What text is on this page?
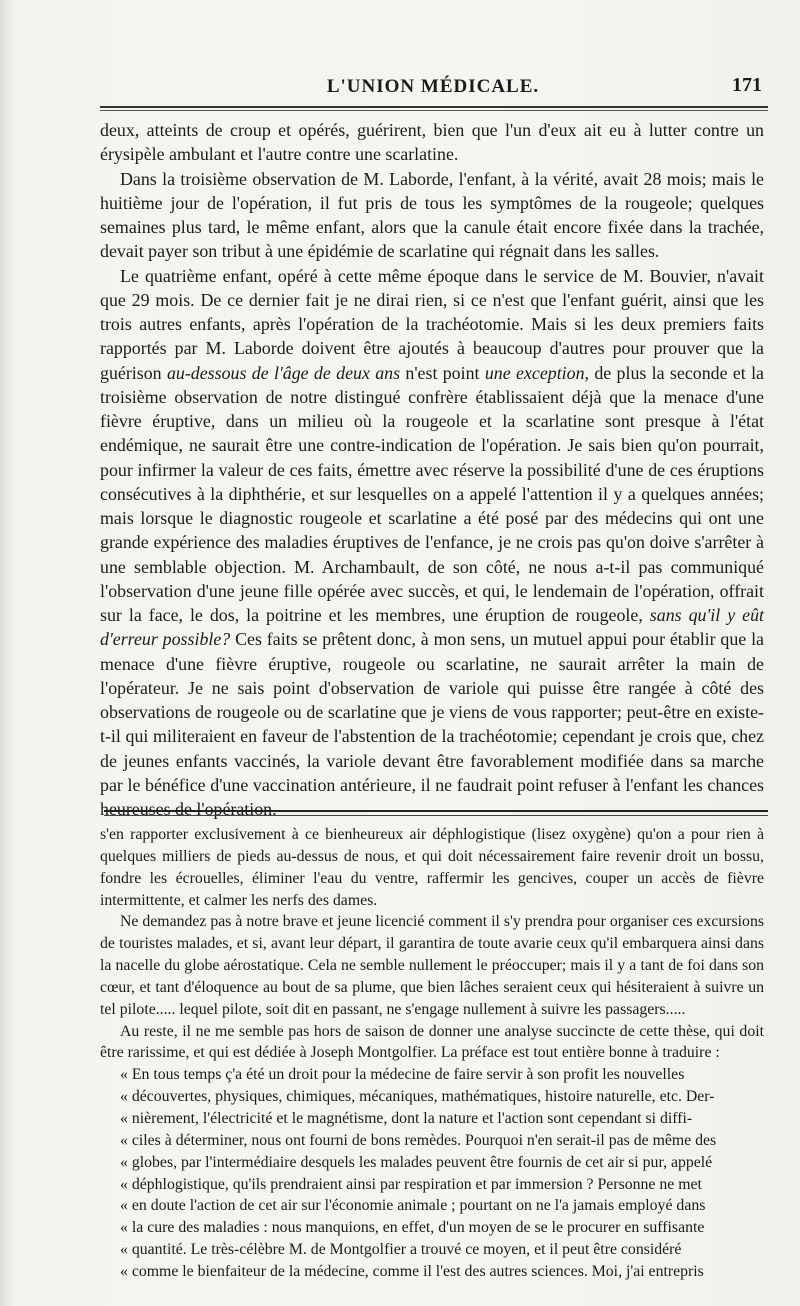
L'UNION MÉDICALE.	171

deux, atteints de croup et opérés, guérirent, bien que l'un d'eux ait eu à lutter contre un érysipèle ambulant et l'autre contre une scarlatine.

Dans la troisième observation de M. Laborde, l'enfant, à la vérité, avait 28 mois; mais le huitième jour de l'opération, il fut pris de tous les symptômes de la rougeole; quelques semaines plus tard, le même enfant, alors que la canule était encore fixée dans la trachée, devait payer son tribut à une épidémie de scarlatine qui régnait dans les salles.

Le quatrième enfant, opéré à cette même époque dans le service de M. Bouvier, n'avait que 29 mois. De ce dernier fait je ne dirai rien, si ce n'est que l'enfant guérit, ainsi que les trois autres enfants, après l'opération de la trachéotomie. Mais si les deux premiers faits rapportés par M. Laborde doivent être ajoutés à beaucoup d'autres pour prouver que la guérison au-dessous de l'âge de deux ans n'est point une exception, de plus la seconde et la troisième observation de notre distingué confrère établissaient déjà que la menace d'une fièvre éruptive, dans un milieu où la rougeole et la scarlatine sont presque à l'état endémique, ne saurait être une contre-indication de l'opération. Je sais bien qu'on pourrait, pour infirmer la valeur de ces faits, émettre avec réserve la possibilité d'une de ces éruptions consécutives à la diphthérie, et sur lesquelles on a appelé l'attention il y a quelques années; mais lorsque le diagnostic rougeole et scarlatine a été posé par des médecins qui ont une grande expérience des maladies éruptives de l'enfance, je ne crois pas qu'on doive s'arrêter à une semblable objection. M. Archambault, de son côté, ne nous a-t-il pas communiqué l'observation d'une jeune fille opérée avec succès, et qui, le lendemain de l'opération, offrait sur la face, le dos, la poitrine et les membres, une éruption de rougeole, sans qu'il y eût d'erreur possible? Ces faits se prêtent donc, à mon sens, un mutuel appui pour établir que la menace d'une fièvre éruptive, rougeole ou scarlatine, ne saurait arrêter la main de l'opérateur. Je ne sais point d'observation de variole qui puisse être rangée à côté des observations de rougeole ou de scarlatine que je viens de vous rapporter; peut-être en existe-t-il qui militeraient en faveur de l'abstention de la trachéotomie; cependant je crois que, chez de jeunes enfants vaccinés, la variole devant être favorablement modifiée dans sa marche par le bénéfice d'une vaccination antérieure, il ne faudrait point refuser à l'enfant les chances heureuses de l'opération.

s'en rapporter exclusivement à ce bienheureux air déphlogistique (lisez oxygène) qu'on a pour rien à quelques milliers de pieds au-dessus de nous, et qui doit nécessairement faire revenir droit un bossu, fondre les écrouelles, éliminer l'eau du ventre, raffermir les gencives, couper un accès de fièvre intermittente, et calmer les nerfs des dames.

Ne demandez pas à notre brave et jeune licencié comment il s'y prendra pour organiser ces excursions de touristes malades, et si, avant leur départ, il garantira de toute avarie ceux qu'il embarquera ainsi dans la nacelle du globe aérostatique. Cela ne semble nullement le préoccuper; mais il y a tant de foi dans son cœur, et tant d'éloquence au bout de sa plume, que bien lâches seraient ceux qui hésiteraient à suivre un tel pilote..... lequel pilote, soit dit en passant, ne s'engage nullement à suivre les passagers.....

Au reste, il ne me semble pas hors de saison de donner une analyse succincte de cette thèse, qui doit être rarissime, et qui est dédiée à Joseph Montgolfier. La préface est tout entière bonne à traduire :

« En tous temps ç'a été un droit pour la médecine de faire servir à son profit les nouvelles

« découvertes, physiques, chimiques, mécaniques, mathématiques, histoire naturelle, etc. Der-

« nièrement, l'électricité et le magnétisme, dont la nature et l'action sont cependant si diffi-

« ciles à déterminer, nous ont fourni de bons remèdes. Pourquoi n'en serait-il pas de même des

« globes, par l'intermédiaire desquels les malades peuvent être fournis de cet air si pur, appelé

« déphlogistique, qu'ils prendraient ainsi par respiration et par immersion ? Personne ne met

« en doute l'action de cet air sur l'économie animale ; pourtant on ne l'a jamais employé dans

« la cure des maladies : nous manquions, en effet, d'un moyen de se le procurer en suffisante

« quantité. Le très-célèbre M. de Montgolfier a trouvé ce moyen, et il peut être considéré

« comme le bienfaiteur de la médecine, comme il l'est des autres sciences. Moi, j'ai entrepris
